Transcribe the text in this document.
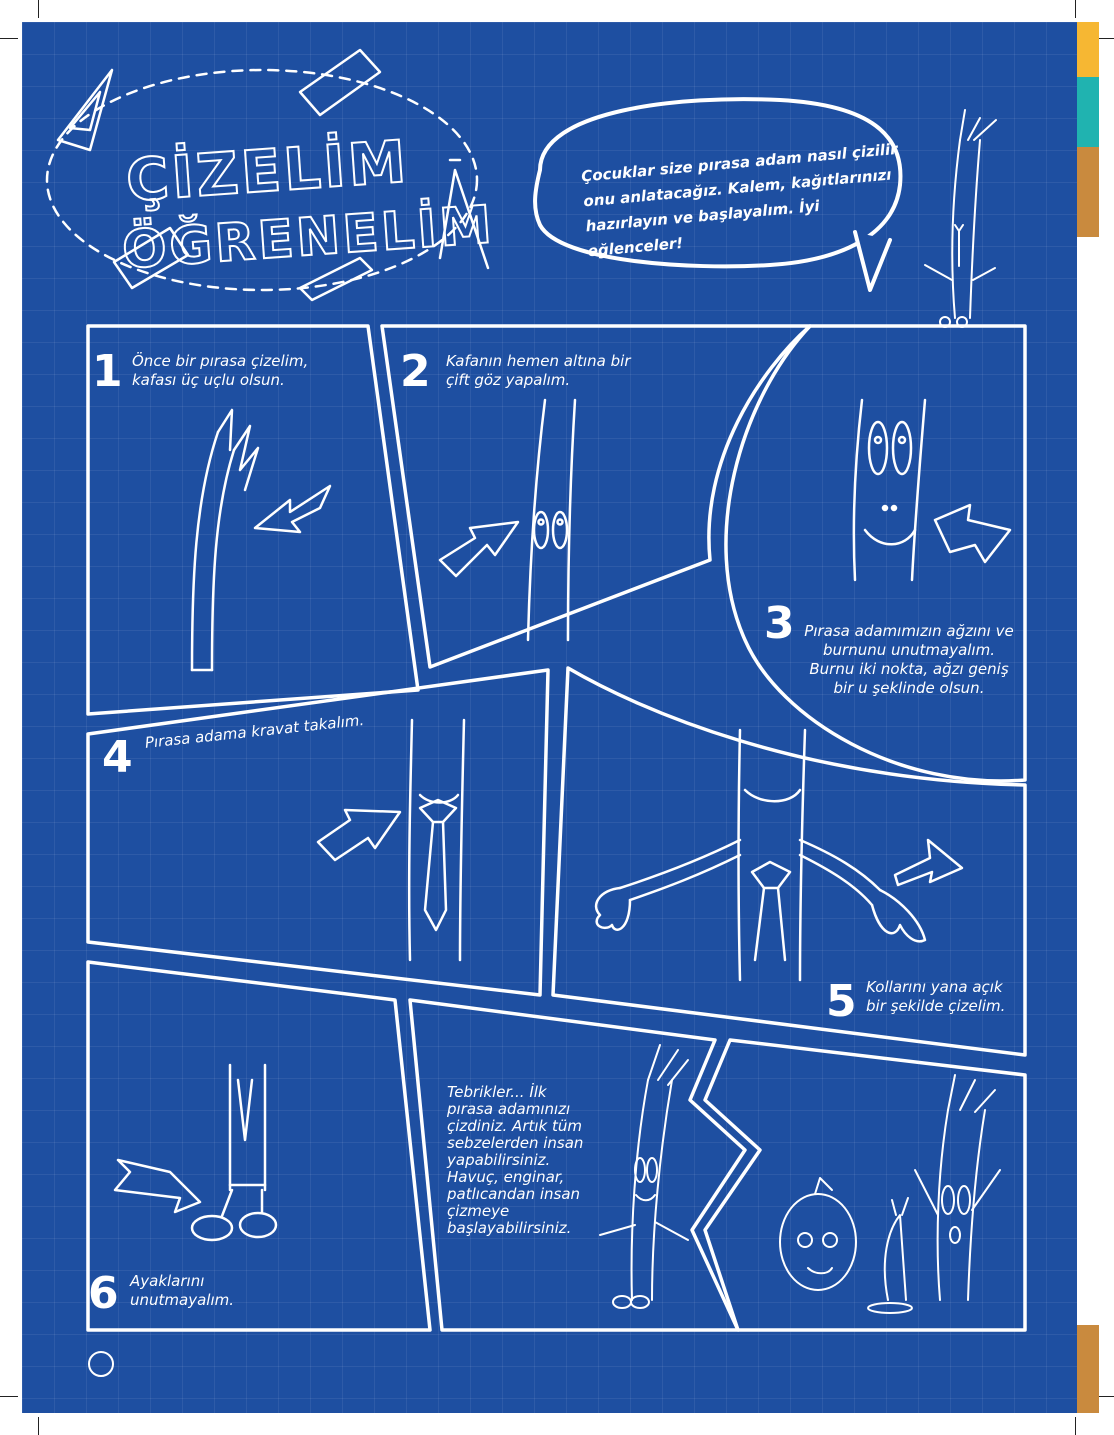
ÇİZELİM
ÖĞRENELİM
Çocuklar size pırasa adam nasıl çizilir onu anlatacağız. Kalem, kağıtlarınızı hazırlayın ve başlayalım. İyi eğlenceler!
1 Önce bir pırasa çizelim, kafası üç uçlu olsun.	2 Kafanın hemen altına bir çift göz yapalım.
3 Pırasa adamımızın ağzını ve burnunu unutmayalım. Burnu iki nokta, ağzı geniş bir u şeklinde olsun.
4
Pırasa adama kravat takalım.
5 Kollarını yana açık bir şekilde çizelim.
6 Ayaklarını unutmayalım.
Tebrikler... İlk pırasa adamınızı çizdiniz. Artık tüm sebzelerden insan yapabilirsiniz. Havuç, enginar, patlıcandan insan çizmeye başlayabilirsiniz.
